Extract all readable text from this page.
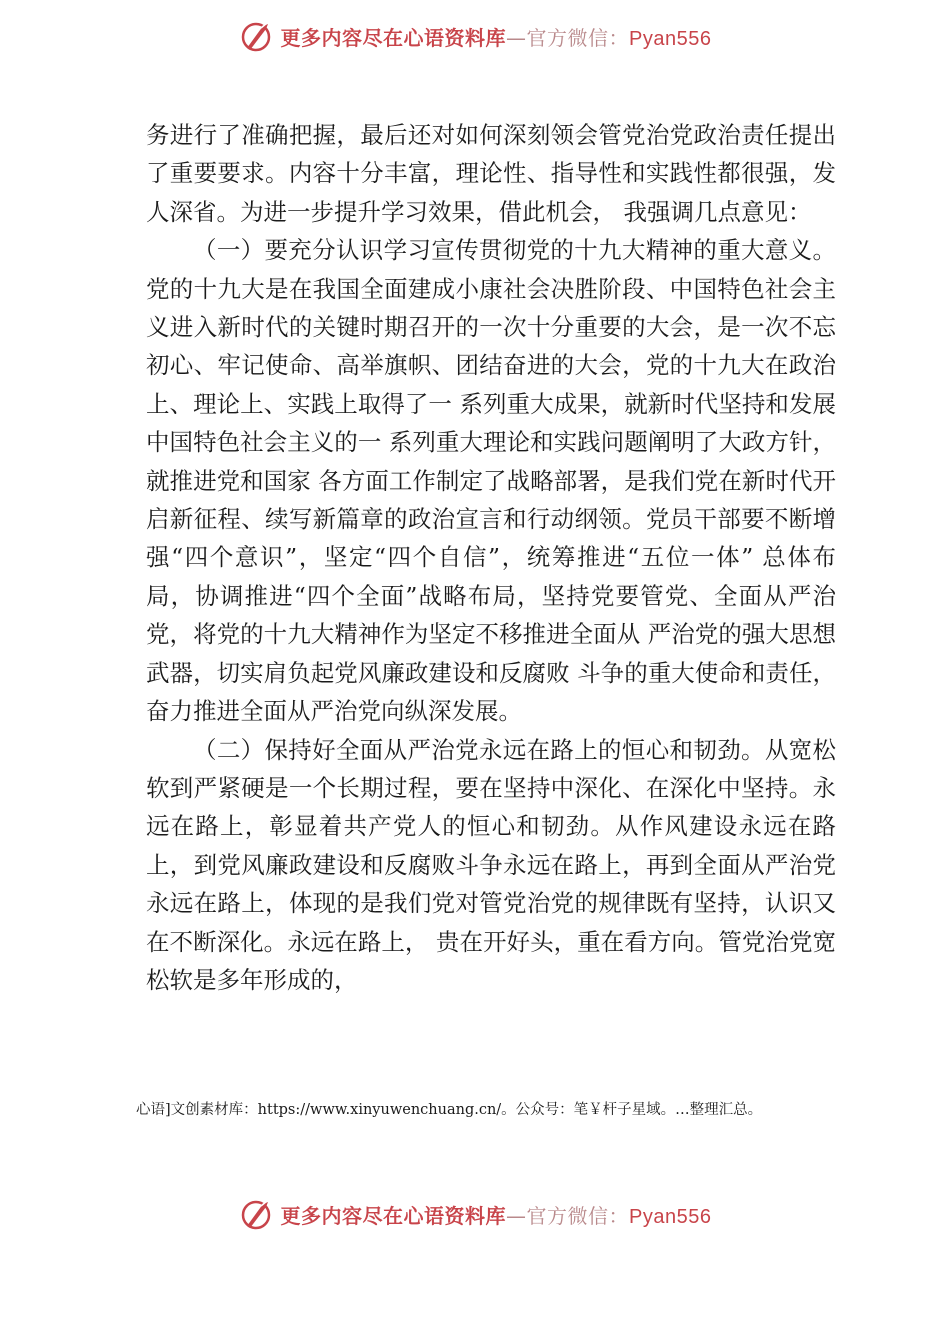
更多内容尽在心语资料库—官方微信：Pyan556

务进行了准确把握，最后还对如何深刻领会管党治党政治责任提出了重要要求。内容十分丰富，理论性、指导性和实践性都很强，发人深省。为进一步提升学习效果，借此机会， 我强调几点意见：

（一）要充分认识学习宣传贯彻党的十九大精神的重大意义。党的十九大是在我国全面建成小康社会决胜阶段、中国特色社会主义进入新时代的关键时期召开的一次十分重要的大会，是一次不忘初心、牢记使命、高举旗帜、团结奋进的大会，党的十九大在政治上、理论上、实践上取得了一 系列重大成果，就新时代坚持和发展中国特色社会主义的一 系列重大理论和实践问题阐明了大政方针，就推进党和国家 各方面工作制定了战略部署，是我们党在新时代开启新征程、续写新篇章的政治宣言和行动纲领。党员干部要不断增强“四个意识”，坚定“四个自信”，统筹推进“五位一体” 总体布局，协调推进“四个全面”战略布局，坚持党要管党、全面从严治党，将党的十九大精神作为坚定不移推进全面从 严治党的强大思想武器，切实肩负起党风廉政建设和反腐败 斗争的重大使命和责任，奋力推进全面从严治党向纵深发展。

（二）保持好全面从严治党永远在路上的恒心和韧劲。从宽松软到严紧硬是一个长期过程，要在坚持中深化、在深化中坚持。永远在路上，彰显着共产党人的恒心和韧劲。从作风建设永远在路上，到党风廉政建设和反腐败斗争永远在路上，再到全面从严治党永远在路上，体现的是我们党对管党治党的规律既有坚持，认识又在不断深化。永远在路上， 贵在开好头，重在看方向。管党治党宽松软是多年形成的，

心语]文创素材库：https://www.xinyuwenchuang.cn/。公众号：笔￥杆子星域。…整理汇总。
更多内容尽在心语资料库—官方微信：Pyan556
